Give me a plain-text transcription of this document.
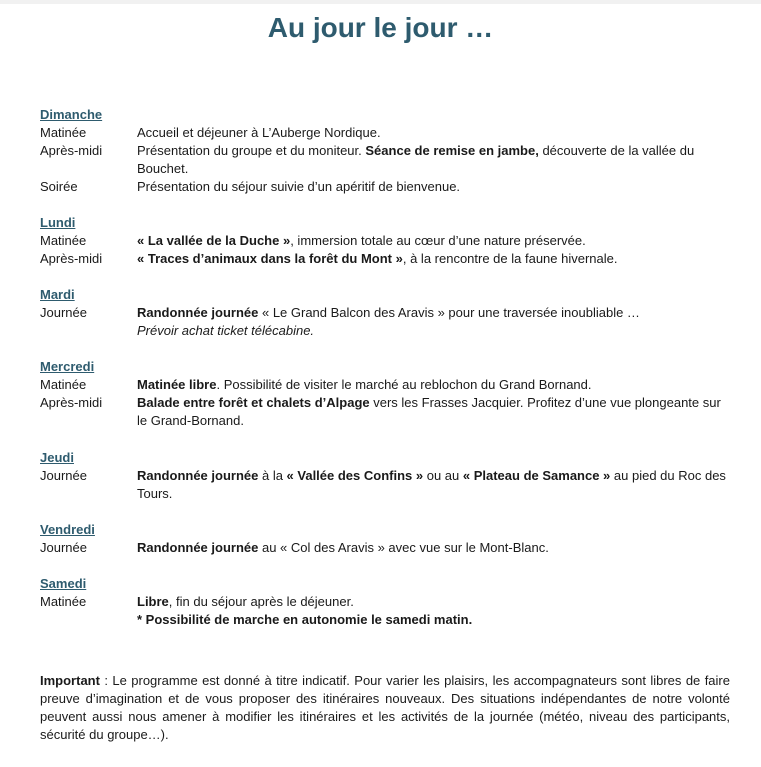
Au jour le jour …
Dimanche
Matinée	Accueil et déjeuner à L’Auberge Nordique.
Après-midi	Présentation du groupe et du moniteur. Séance de remise en jambe, découverte de la vallée du Bouchet.
Soirée	Présentation du séjour suivie d’un apéritif de bienvenue.
Lundi
Matinée	« La vallée de la Duche », immersion totale au cœur d’une nature préservée.
Après-midi	« Traces d’animaux dans la forêt du Mont », à la rencontre de la faune hivernale.
Mardi
Journée	Randonnée journée « Le Grand Balcon des Aravis » pour une traversée inoubliable …
Prévoir achat ticket télécabine.
Mercredi
Matinée	Matinée libre. Possibilité de visiter le marché au reblochon du Grand Bornand.
Après-midi	Balade entre forêt et chalets d’Alpage vers les Frasses Jacquier. Profitez d’une vue plongeante sur le Grand-Bornand.
Jeudi
Journée	Randonnée journée à la « Vallée des Confins » ou au « Plateau de Samance » au pied du Roc des Tours.
Vendredi
Journée	Randonnée journée au « Col des Aravis » avec vue sur le Mont-Blanc.
Samedi
Matinée	Libre, fin du séjour après le déjeuner.
* Possibilité de marche en autonomie le samedi matin.
Important : Le programme est donné à titre indicatif. Pour varier les plaisirs, les accompagnateurs sont libres de faire preuve d’imagination et de vous proposer des itinéraires nouveaux. Des situations indépendantes de notre volonté peuvent aussi nous amener à modifier les itinéraires et les activités de la journée (météo, niveau des participants, sécurité du groupe…).
